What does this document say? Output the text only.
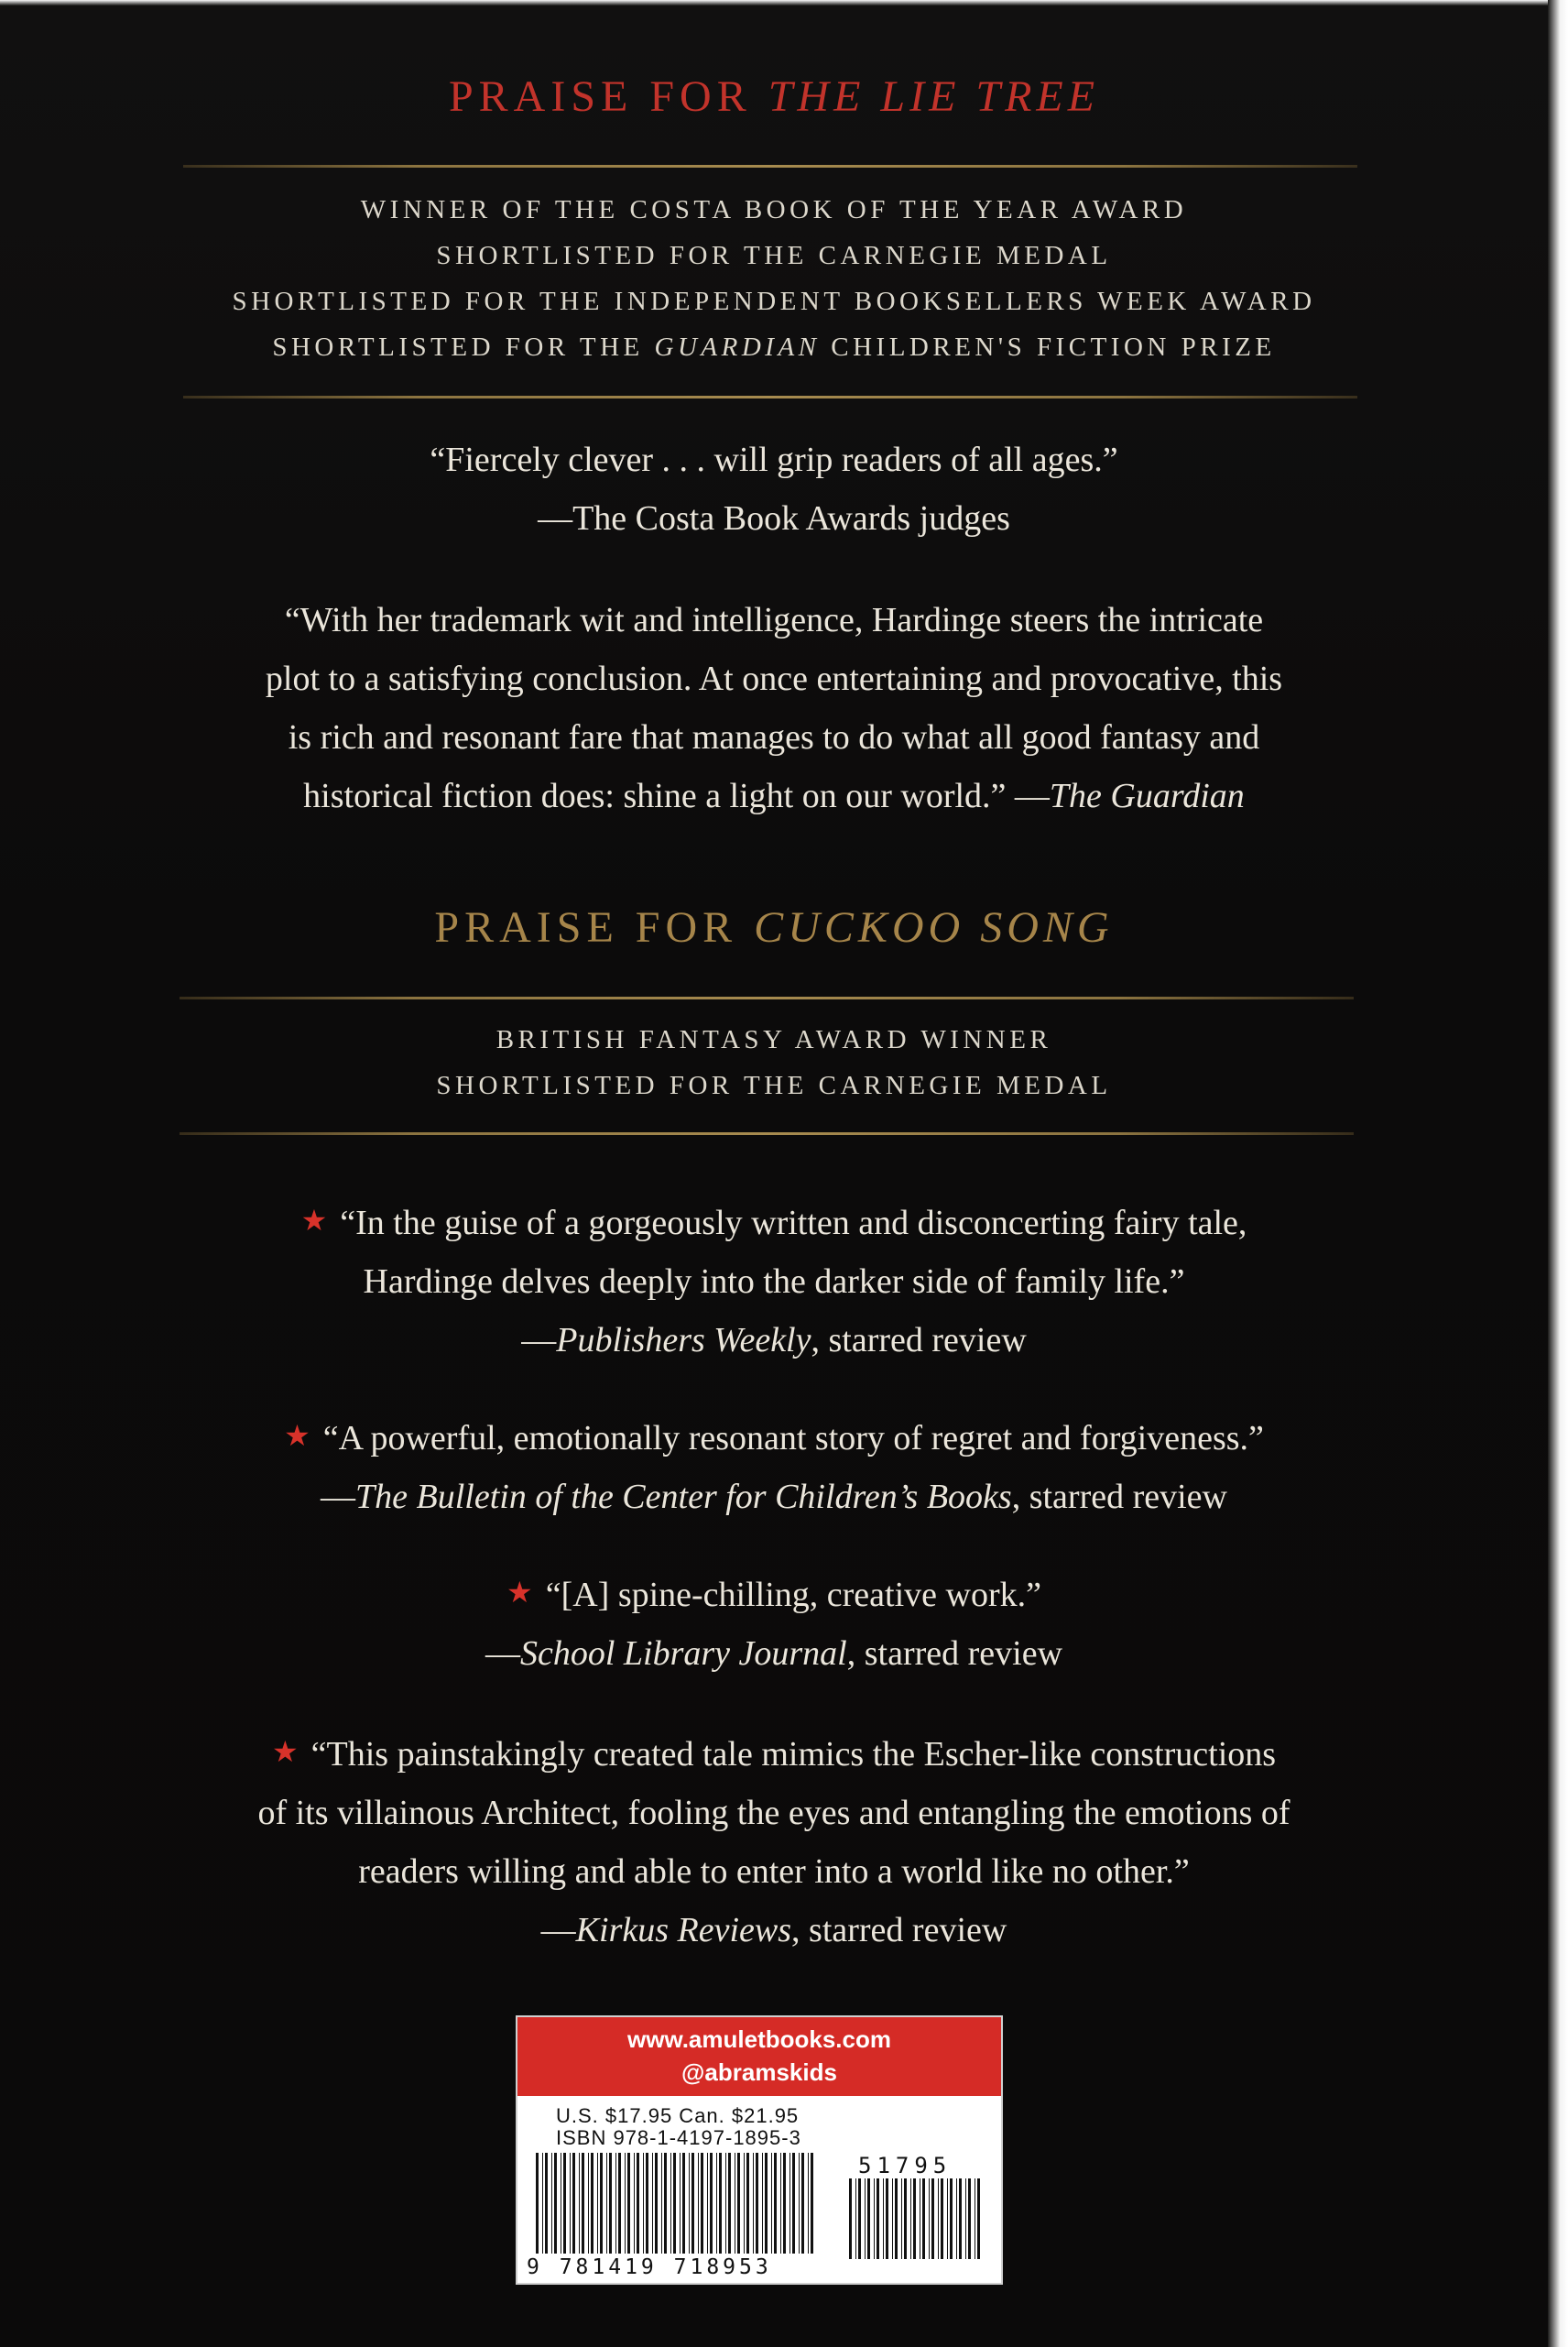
PRAISE FOR THE LIE TREE
WINNER OF THE COSTA BOOK OF THE YEAR AWARD
SHORTLISTED FOR THE CARNEGIE MEDAL
SHORTLISTED FOR THE INDEPENDENT BOOKSELLERS WEEK AWARD
SHORTLISTED FOR THE GUARDIAN CHILDREN'S FICTION PRIZE
“Fiercely clever . . . will grip readers of all ages.”
—The Costa Book Awards judges
“With her trademark wit and intelligence, Hardinge steers the intricate
plot to a satisfying conclusion. At once entertaining and provocative, this
is rich and resonant fare that manages to do what all good fantasy and
historical fiction does: shine a light on our world.” —The Guardian
PRAISE FOR CUCKOO SONG
BRITISH FANTASY AWARD WINNER
SHORTLISTED FOR THE CARNEGIE MEDAL
★ “In the guise of a gorgeously written and disconcerting fairy tale,
Hardinge delves deeply into the darker side of family life.”
—Publishers Weekly, starred review
★ “A powerful, emotionally resonant story of regret and forgiveness.”
—The Bulletin of the Center for Children’s Books, starred review
★ “[A] spine-chilling, creative work.”
—School Library Journal, starred review
★ “This painstakingly created tale mimics the Escher-like constructions
of its villainous Architect, fooling the eyes and entangling the emotions of
readers willing and able to enter into a world like no other.”
—Kirkus Reviews, starred review
www.amuletbooks.com
@abramskids
U.S. $17.95 Can. $21.95
ISBN 978-1-4197-1895-3
51795
9 781419 718953
